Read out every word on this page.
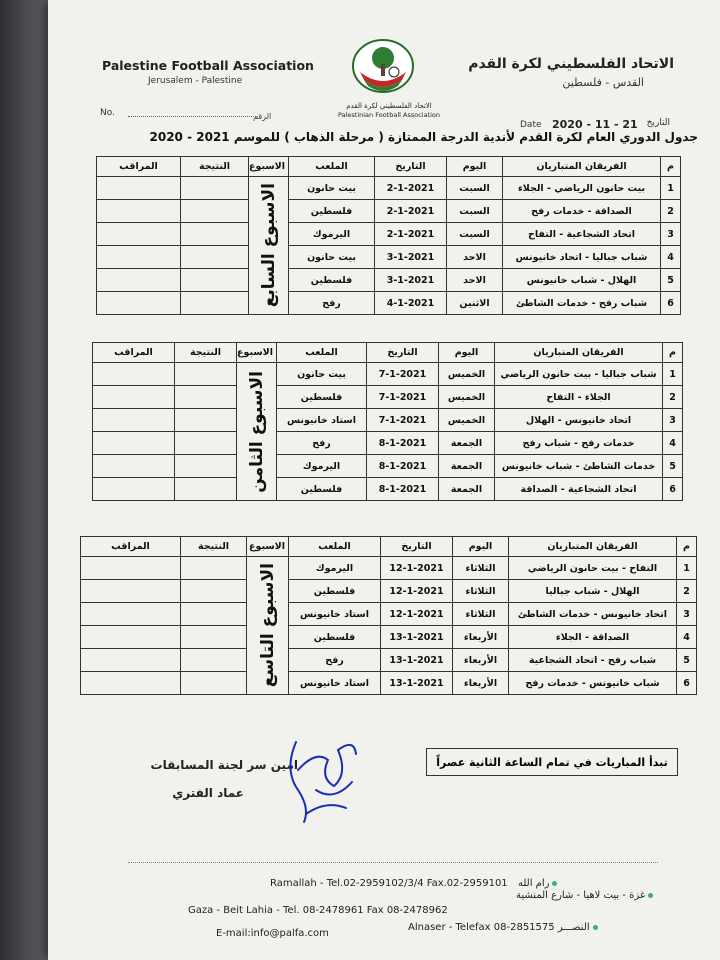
Palestine Football Association
Jerusalem - Palestine
الاتحاد الفلسطيني لكرة القدم
القدس - فلسطين
الاتحاد الفلسطيني لكرة القدم
Palestinian Football Association
No.	الرقم
Date 2020 - 11 - 21 التاريخ
جدول الدوري العام لكرة القدم لأندية الدرجة الممتازة ( مرحلة الذهاب ) للموسم 2021 - 2020
م	الفريقان المتباريان	اليوم	التاريخ	الملعب	الاسبوع	النتيجة	المراقب
1	بيت حانون الرياضي - الجلاء	السبت	2-1-2021	بيت حانون	الاسبوع السابع		

2	الصداقة - خدمات رفح	السبت	2-1-2021	فلسطين			
3	اتحاد الشجاعية - التفاح	السبت	2-1-2021	اليرموك			
4	شباب جباليا - اتحاد خانيونس	الاحد	3-1-2021	بيت حانون			
5	الهلال - شباب خانيونس	الاحد	3-1-2021	فلسطين			
6	شباب رفح - خدمات الشاطئ	الاثنين	4-1-2021	رفح			
م	الفريقان المتباريان	اليوم	التاريخ	الملعب	الاسبوع	النتيجة	المراقب
1	شباب جباليا - بيت حانون الرياضي	الخميس	7-1-2021	بيت حانون	الاسبوع الثامن		

2	الجلاء - التفاح	الخميس	7-1-2021	فلسطين			
3	اتحاد خانيونس - الهلال	الخميس	7-1-2021	استاد خانيونس			
4	خدمات رفح - شباب رفح	الجمعة	8-1-2021	رفح			
5	خدمات الشاطئ - شباب خانيونس	الجمعة	8-1-2021	اليرموك			
6	اتحاد الشجاعية - الصداقة	الجمعة	8-1-2021	فلسطين			
م	الفريقان المتباريان	اليوم	التاريخ	الملعب	الاسبوع	النتيجة	المراقب
1	التفاح - بيت حانون الرياضي	الثلاثاء	12-1-2021	اليرموك	الاسبوع التاسع		

2	الهلال - شباب جباليا	الثلاثاء	12-1-2021	فلسطين			
3	اتحاد خانيونس - خدمات الشاطئ	الثلاثاء	12-1-2021	استاد خانيونس			
4	الصداقة - الجلاء	الأربعاء	13-1-2021	فلسطين			
5	شباب رفح - اتحاد الشجاعية	الأربعاء	13-1-2021	رفح			
6	شباب خانيونس - خدمات رفح	الأربعاء	13-1-2021	استاد خانيونس			
تبدأ المباريات في تمام الساعة الثانية عصراً
امين سر لجنة المسابقات
عماد الفتري
Ramallah - Tel.02-2959102/3/4 Fax.02-2959101 رام الله
Gaza - Beit Lahia - Tel. 08-2478961 Fax 08-2478962
غزة - بيت لاهيا - شارع المنشية
E-mail:info@palfa.com
Alnaser - Telefax 08-2851575 النصـــر
